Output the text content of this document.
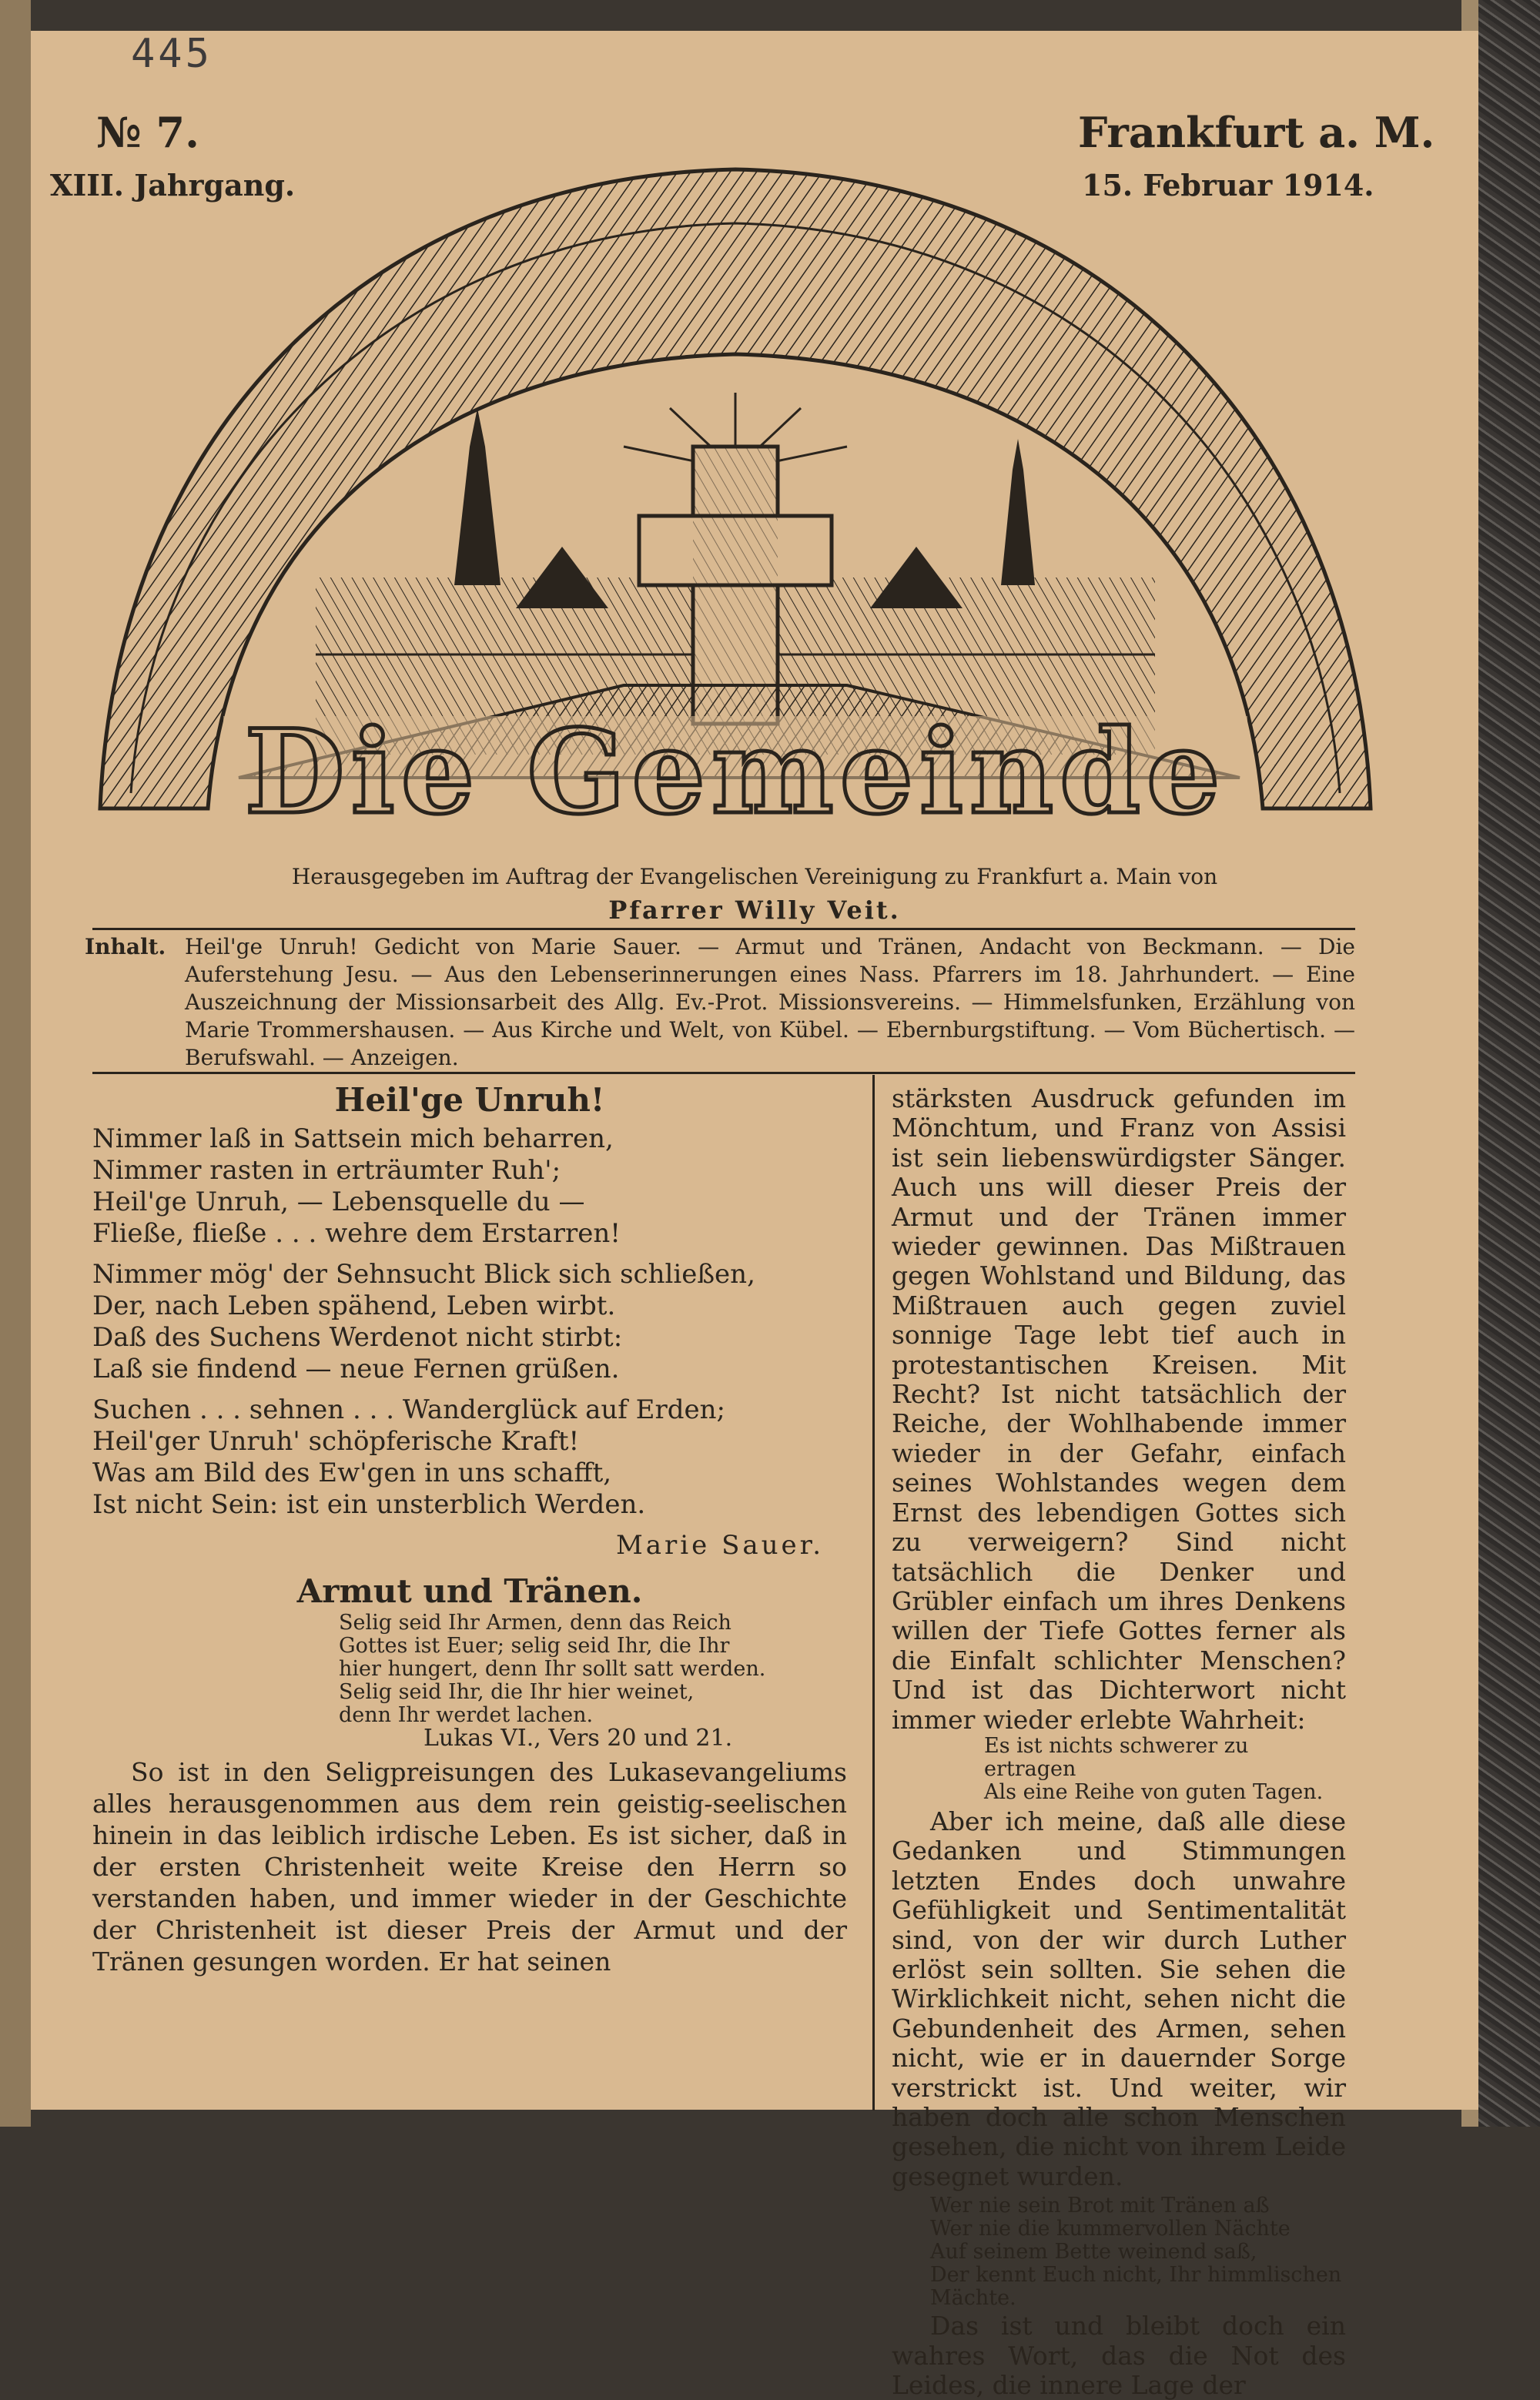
445
№ 7.
XIII. Jahrgang.
Frankfurt a. M.
15. Februar 1914.
Die Gemeinde
Herausgegeben im Auftrag der Evangelischen Vereinigung zu Frankfurt a. Main von
Pfarrer Willy Veit.
Inhalt. Heil'ge Unruh! Gedicht von Marie Sauer. — Armut und Tränen, Andacht von Beckmann. — Die Auferstehung Jesu. — Aus den Lebenserinnerungen eines Nass. Pfarrers im 18. Jahrhundert. — Eine Auszeichnung der Missionsarbeit des Allg. Ev.-Prot. Missionsvereins. — Himmelsfunken, Erzählung von Marie Trommershausen. — Aus Kirche und Welt, von Kübel. — Ebernburgstiftung. — Vom Büchertisch. — Berufswahl. — Anzeigen.

Heil'ge Unruh!

Nimmer laß in Sattsein mich beharren,

Nimmer rasten in erträumter Ruh';

Heil'ge Unruh, — Lebensquelle du —

Fließe, fließe . . . wehre dem Erstarren!

Nimmer mög' der Sehnsucht Blick sich schließen,

Der, nach Leben spähend, Leben wirbt.

Daß des Suchens Werdenot nicht stirbt:

Laß sie findend — neue Fernen grüßen.

Suchen . . . sehnen . . . Wanderglück auf Erden;

Heil'ger Unruh' schöpferische Kraft!

Was am Bild des Ew'gen in uns schafft,

Ist nicht Sein: ist ein unsterblich Werden.

Marie Sauer.

Armut und Tränen.

Selig seid Ihr Armen, denn das Reich

Gottes ist Euer; selig seid Ihr, die Ihr

hier hungert, denn Ihr sollt satt werden.

Selig seid Ihr, die Ihr hier weinet,

denn Ihr werdet lachen.

Lukas VI., Vers 20 und 21.

So ist in den Seligpreisungen des Lukasevangeliums alles herausgenommen aus dem rein geistig-seelischen hinein in das leiblich irdische Leben. Es ist sicher, daß in der ersten Christenheit weite Kreise den Herrn so verstanden haben, und immer wieder in der Geschichte der Christenheit ist dieser Preis der Armut und der Tränen gesungen worden. Er hat seinen

stärksten Ausdruck gefunden im Mönchtum, und Franz von Assisi ist sein liebenswürdigster Sänger. Auch uns will dieser Preis der Armut und der Tränen immer wieder gewinnen. Das Mißtrauen gegen Wohlstand und Bildung, das Mißtrauen auch gegen zuviel sonnige Tage lebt tief auch in protestantischen Kreisen. Mit Recht? Ist nicht tatsächlich der Reiche, der Wohlhabende immer wieder in der Gefahr, einfach seines Wohlstandes wegen dem Ernst des lebendigen Gottes sich zu verweigern? Sind nicht tatsächlich die Denker und Grübler einfach um ihres Denkens willen der Tiefe Gottes ferner als die Einfalt schlichter Menschen? Und ist das Dichterwort nicht immer wieder erlebte Wahrheit:

Es ist nichts schwerer zu ertragen

Als eine Reihe von guten Tagen.

Aber ich meine, daß alle diese Gedanken und Stimmungen letzten Endes doch unwahre Gefühligkeit und Sentimentalität sind, von der wir durch Luther erlöst sein sollten. Sie sehen die Wirklichkeit nicht, sehen nicht die Gebundenheit des Armen, sehen nicht, wie er in dauernder Sorge verstrickt ist. Und weiter, wir haben doch alle schon Menschen gesehen, die nicht von ihrem Leide gesegnet wurden.

Wer nie sein Brot mit Tränen aß

Wer nie die kummervollen Nächte

Auf seinem Bette weinend saß,

Der kennt Euch nicht, Ihr himmlischen Mächte.

Das ist und bleibt doch ein wahres Wort, das die Not des Leides, die innere Lage der
